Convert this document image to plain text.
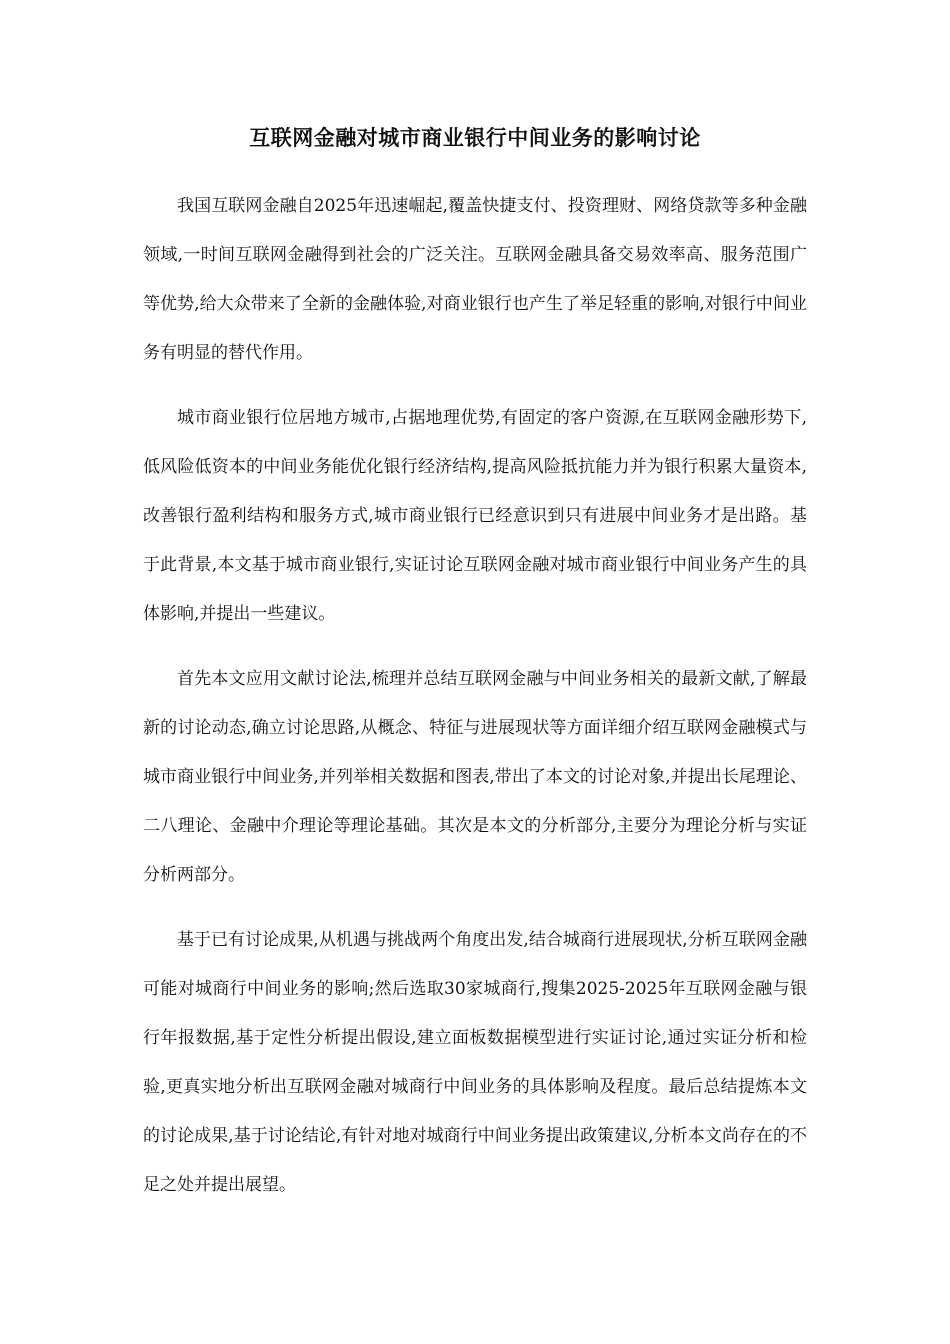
互联网金融对城市商业银行中间业务的影响讨论

我国互联网金融自2025年迅速崛起,覆盖快捷支付、投资理财、网络贷款等多种金融领域,一时间互联网金融得到社会的广泛关注。互联网金融具备交易效率高、服务范围广等优势,给大众带来了全新的金融体验,对商业银行也产生了举足轻重的影响,对银行中间业务有明显的替代作用。

城市商业银行位居地方城市,占据地理优势,有固定的客户资源,在互联网金融形势下,低风险低资本的中间业务能优化银行经济结构,提高风险抵抗能力并为银行积累大量资本,改善银行盈利结构和服务方式,城市商业银行已经意识到只有进展中间业务才是出路。基于此背景,本文基于城市商业银行,实证讨论互联网金融对城市商业银行中间业务产生的具体影响,并提出一些建议。

首先本文应用文献讨论法,梳理并总结互联网金融与中间业务相关的最新文献,了解最新的讨论动态,确立讨论思路,从概念、特征与进展现状等方面详细介绍互联网金融模式与城市商业银行中间业务,并列举相关数据和图表,带出了本文的讨论对象,并提出长尾理论、二八理论、金融中介理论等理论基础。其次是本文的分析部分,主要分为理论分析与实证分析两部分。

基于已有讨论成果,从机遇与挑战两个角度出发,结合城商行进展现状,分析互联网金融可能对城商行中间业务的影响;然后选取30家城商行,搜集2025-2025年互联网金融与银行年报数据,基于定性分析提出假设,建立面板数据模型进行实证讨论,通过实证分析和检验,更真实地分析出互联网金融对城商行中间业务的具体影响及程度。最后总结提炼本文的讨论成果,基于讨论结论,有针对地对城商行中间业务提出政策建议,分析本文尚存在的不足之处并提出展望。
